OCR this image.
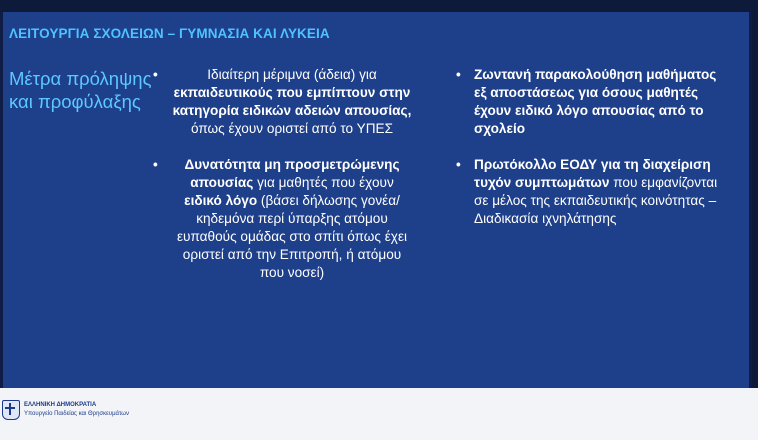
ΛΕΙΤΟΥΡΓΙΑ ΣΧΟΛΕΙΩΝ – ΓΥΜΝΑΣΙΑ ΚΑΙ ΛΥΚΕΙΑ
Μέτρα πρόληψης και προφύλαξης
•	Ιδιαίτερη μέριμνα (άδεια) για εκπαιδευτικούς που εμπίπτουν στην κατηγορία ειδικών αδειών απουσίας, όπως έχουν οριστεί από το ΥΠΕΣ
•	Δυνατότητα μη προσμετρώμενης απουσίας για μαθητές που έχουν ειδικό λόγο (βάσει δήλωσης γονέα/κηδεμόνα περί ύπαρξης ατόμου ευπαθούς ομάδας στο σπίτι όπως έχει οριστεί από την Επιτροπή, ή ατόμου που νοσεί)
• Ζωντανή παρακολούθηση μαθήματος εξ αποστάσεως για όσους μαθητές έχουν ειδικό λόγο απουσίας από το σχολείο
• Πρωτόκολλο ΕΟΔΥ για τη διαχείριση τυχόν συμπτωμάτων που εμφανίζονται σε μέλος της εκπαιδευτικής κοινότητας – Διαδικασία ιχνηλάτησης
ΕΛΛΗΝΙΚΗ ΔΗΜΟΚΡΑΤΙΑ
Υπουργείο Παιδείας και Θρησκευμάτων
